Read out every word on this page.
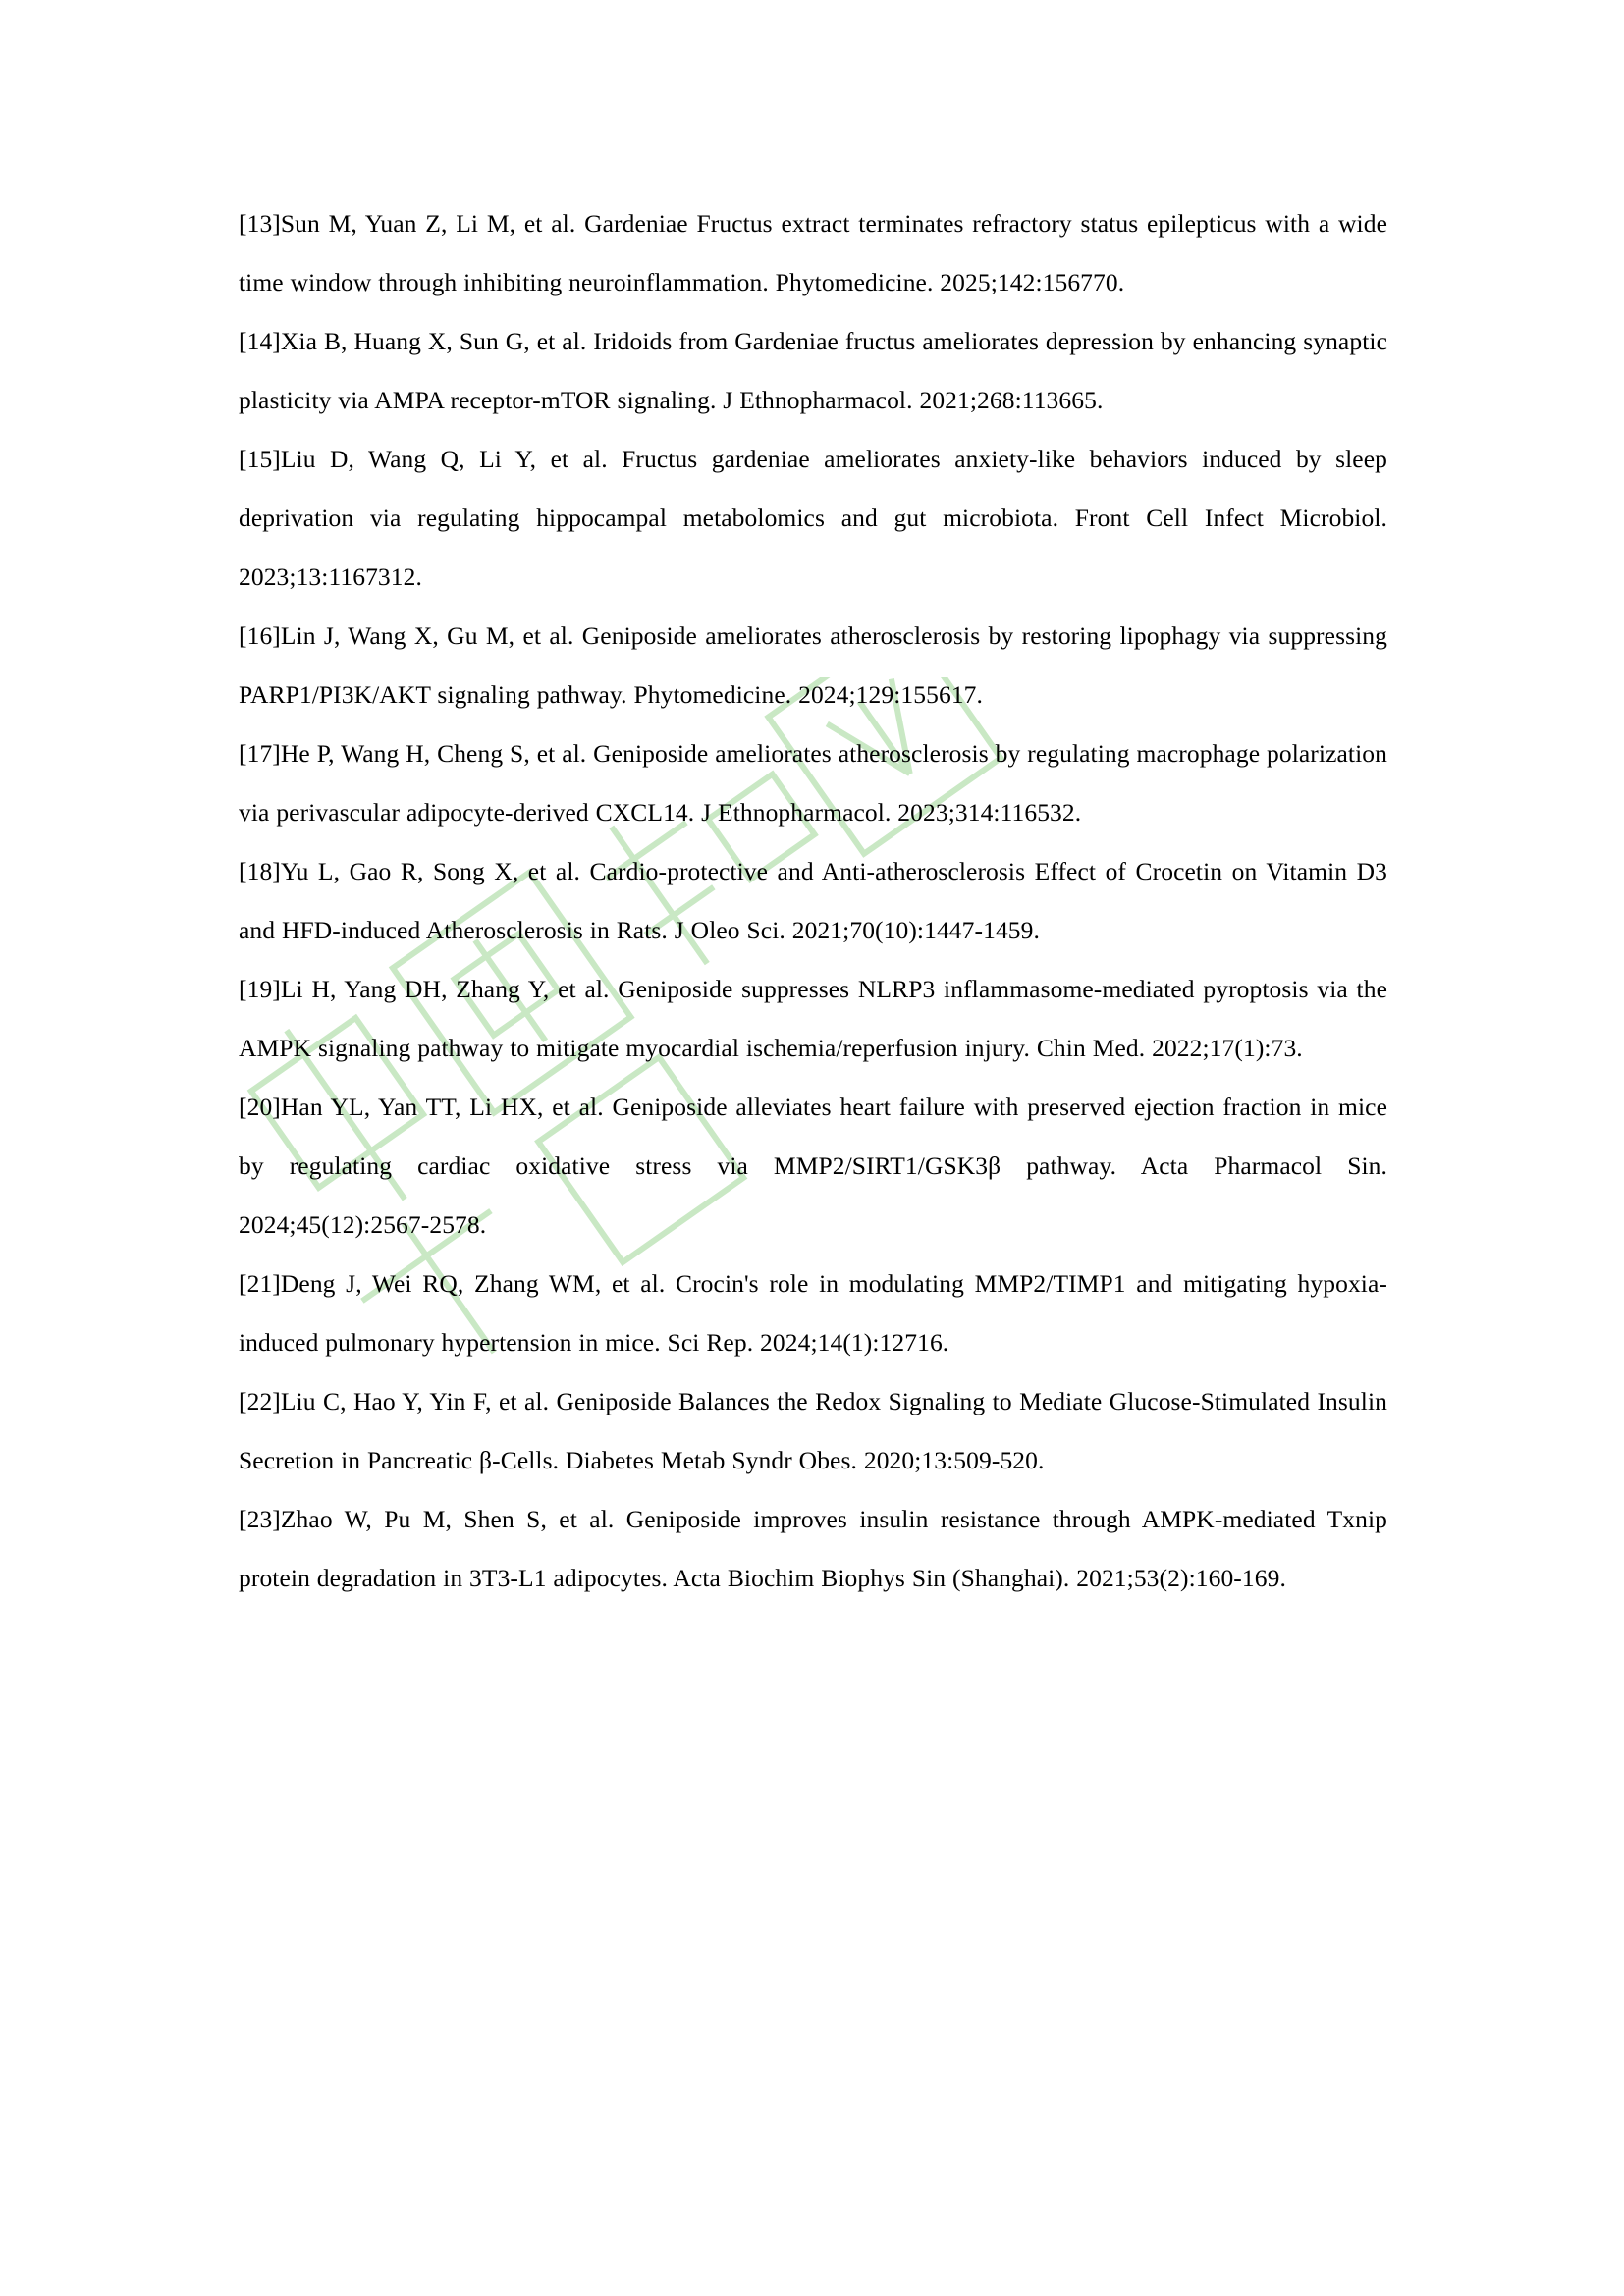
[13]Sun M, Yuan Z, Li M, et al. Gardeniae Fructus extract terminates refractory status epilepticus with a wide time window through inhibiting neuroinflammation. Phytomedicine. 2025;142:156770.

[14]Xia B, Huang X, Sun G, et al. Iridoids from Gardeniae fructus ameliorates depression by enhancing synaptic plasticity via AMPA receptor-mTOR signaling. J Ethnopharmacol. 2021;268:113665.

[15]Liu D, Wang Q, Li Y, et al. Fructus gardeniae ameliorates anxiety-like behaviors induced by sleep deprivation via regulating hippocampal metabolomics and gut microbiota. Front Cell Infect Microbiol. 2023;13:1167312.

[16]Lin J, Wang X, Gu M, et al. Geniposide ameliorates atherosclerosis by restoring lipophagy via suppressing PARP1/PI3K/AKT signaling pathway. Phytomedicine. 2024;129:155617.

[17]He P, Wang H, Cheng S, et al. Geniposide ameliorates atherosclerosis by regulating macrophage polarization via perivascular adipocyte-derived CXCL14. J Ethnopharmacol. 2023;314:116532.

[18]Yu L, Gao R, Song X, et al. Cardio-protective and Anti-atherosclerosis Effect of Crocetin on Vitamin D3 and HFD-induced Atherosclerosis in Rats. J Oleo Sci. 2021;70(10):1447-1459.

[19]Li H, Yang DH, Zhang Y, et al. Geniposide suppresses NLRP3 inflammasome-mediated pyroptosis via the AMPK signaling pathway to mitigate myocardial ischemia/reperfusion injury. Chin Med. 2022;17(1):73.

[20]Han YL, Yan TT, Li HX, et al. Geniposide alleviates heart failure with preserved ejection fraction in mice by regulating cardiac oxidative stress via MMP2/SIRT1/GSK3β pathway. Acta Pharmacol Sin. 2024;45(12):2567-2578.

[21]Deng J, Wei RQ, Zhang WM, et al. Crocin's role in modulating MMP2/TIMP1 and mitigating hypoxia-induced pulmonary hypertension in mice. Sci Rep. 2024;14(1):12716.

[22]Liu C, Hao Y, Yin F, et al. Geniposide Balances the Redox Signaling to Mediate Glucose-Stimulated Insulin Secretion in Pancreatic β-Cells. Diabetes Metab Syndr Obes. 2020;13:509-520.

[23]Zhao W, Pu M, Shen S, et al. Geniposide improves insulin resistance through AMPK-mediated Txnip protein degradation in 3T3-L1 adipocytes. Acta Biochim Biophys Sin (Shanghai). 2021;53(2):160-169.
